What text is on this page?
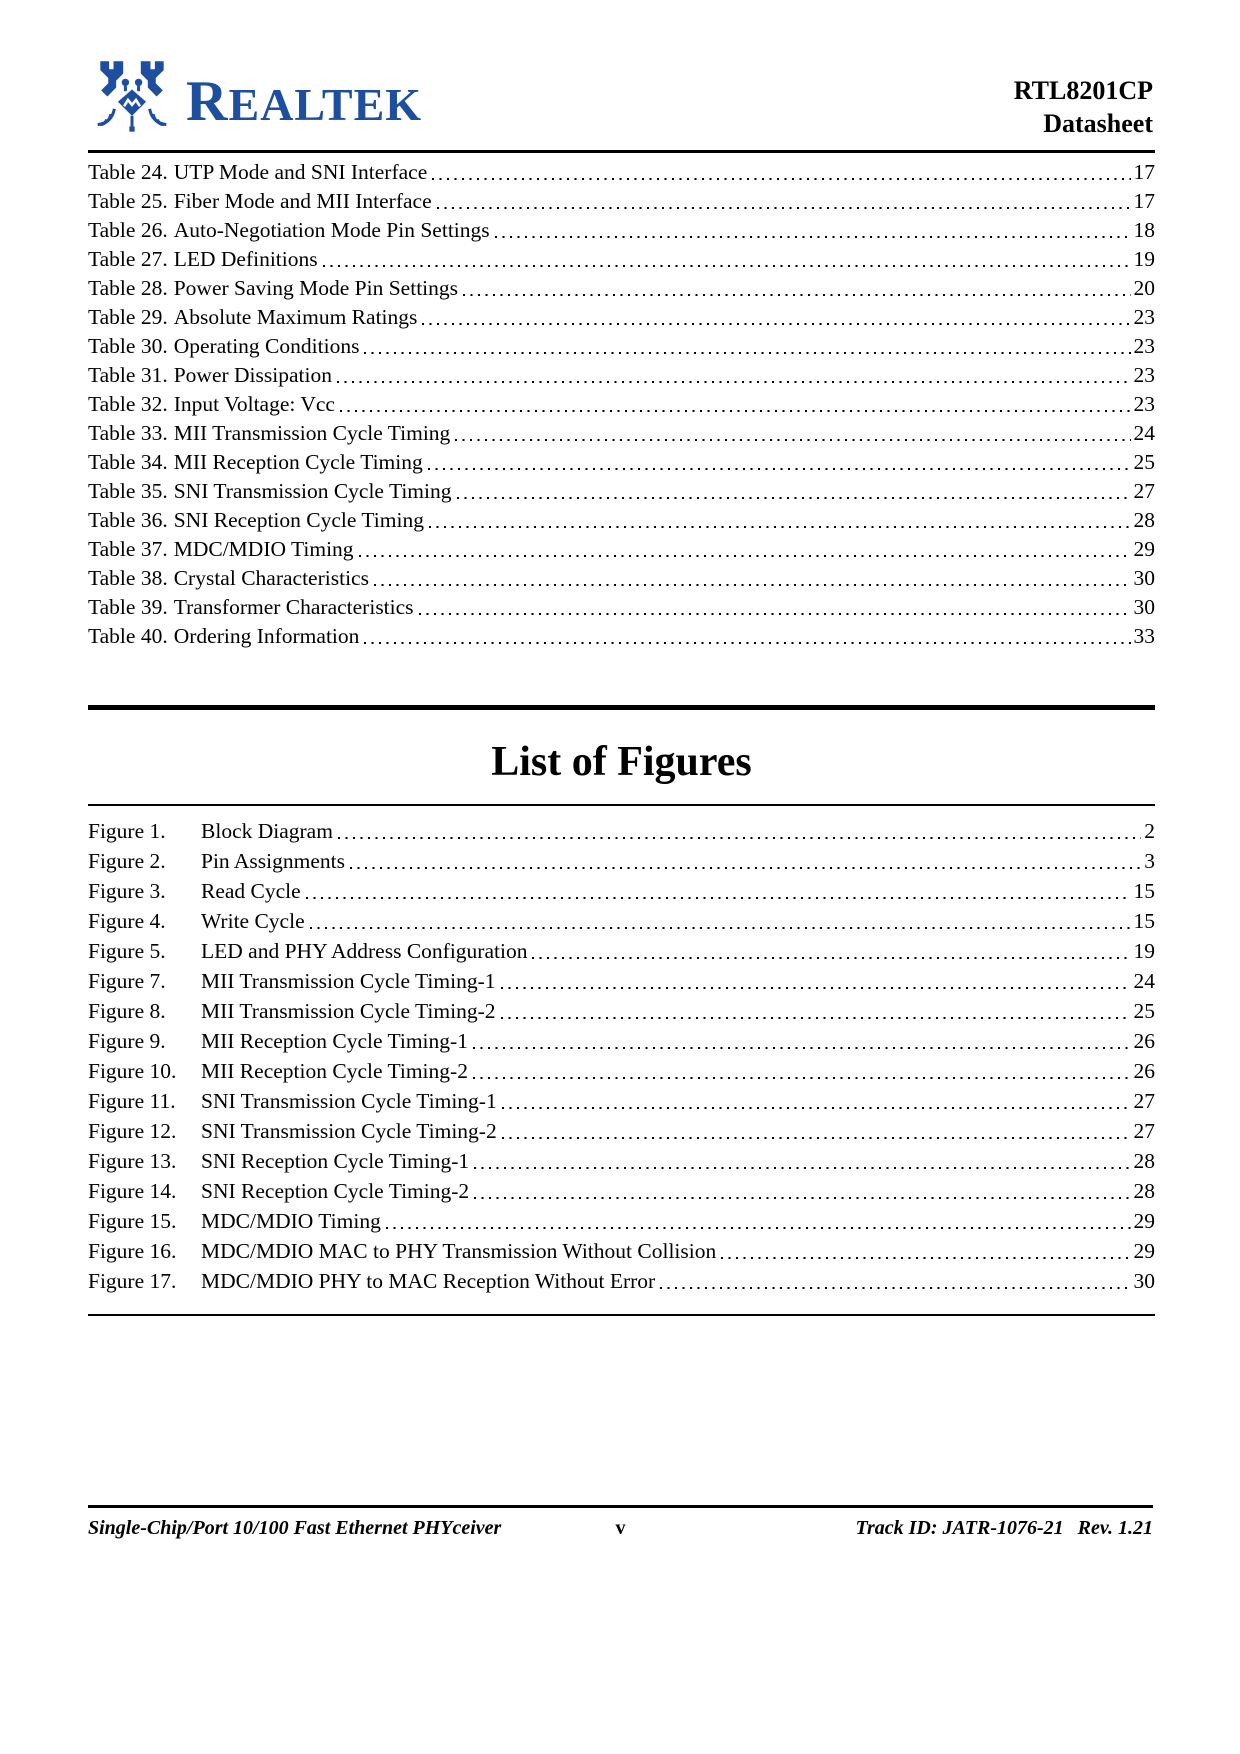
REALTEK	RTL8201CP
Datasheet
Table 24. UTP Mode and SNI Interface	17
Table 25. Fiber Mode and MII Interface	17
Table 26. Auto-Negotiation Mode Pin Settings	18
Table 27. LED Definitions	19
Table 28. Power Saving Mode Pin Settings	20
Table 29. Absolute Maximum Ratings	23
Table 30. Operating Conditions	23
Table 31. Power Dissipation	23
Table 32. Input Voltage: Vcc	23
Table 33. MII Transmission Cycle Timing	24
Table 34. MII Reception Cycle Timing	25
Table 35. SNI Transmission Cycle Timing	27
Table 36. SNI Reception Cycle Timing	28
Table 37. MDC/MDIO Timing	29
Table 38. Crystal Characteristics	30
Table 39. Transformer Characteristics	30
Table 40. Ordering Information	33
List of Figures
Figure 1.	Block Diagram	2
Figure 2.	Pin Assignments	3
Figure 3.	Read Cycle	15
Figure 4.	Write Cycle	15
Figure 5.	LED and PHY Address Configuration	19
Figure 7.	MII Transmission Cycle Timing-1	24
Figure 8.	MII Transmission Cycle Timing-2	25
Figure 9.	MII Reception Cycle Timing-1	26
Figure 10.	MII Reception Cycle Timing-2	26
Figure 11.	SNI Transmission Cycle Timing-1	27
Figure 12.	SNI Transmission Cycle Timing-2	27
Figure 13.	SNI Reception Cycle Timing-1	28
Figure 14.	SNI Reception Cycle Timing-2	28
Figure 15.	MDC/MDIO Timing	29
Figure 16.	MDC/MDIO MAC to PHY Transmission Without Collision	29
Figure 17.	MDC/MDIO PHY to MAC Reception Without Error	30
Single-Chip/Port 10/100 Fast Ethernet PHYceiver	v	Track ID: JATR-1076-21 Rev. 1.21
